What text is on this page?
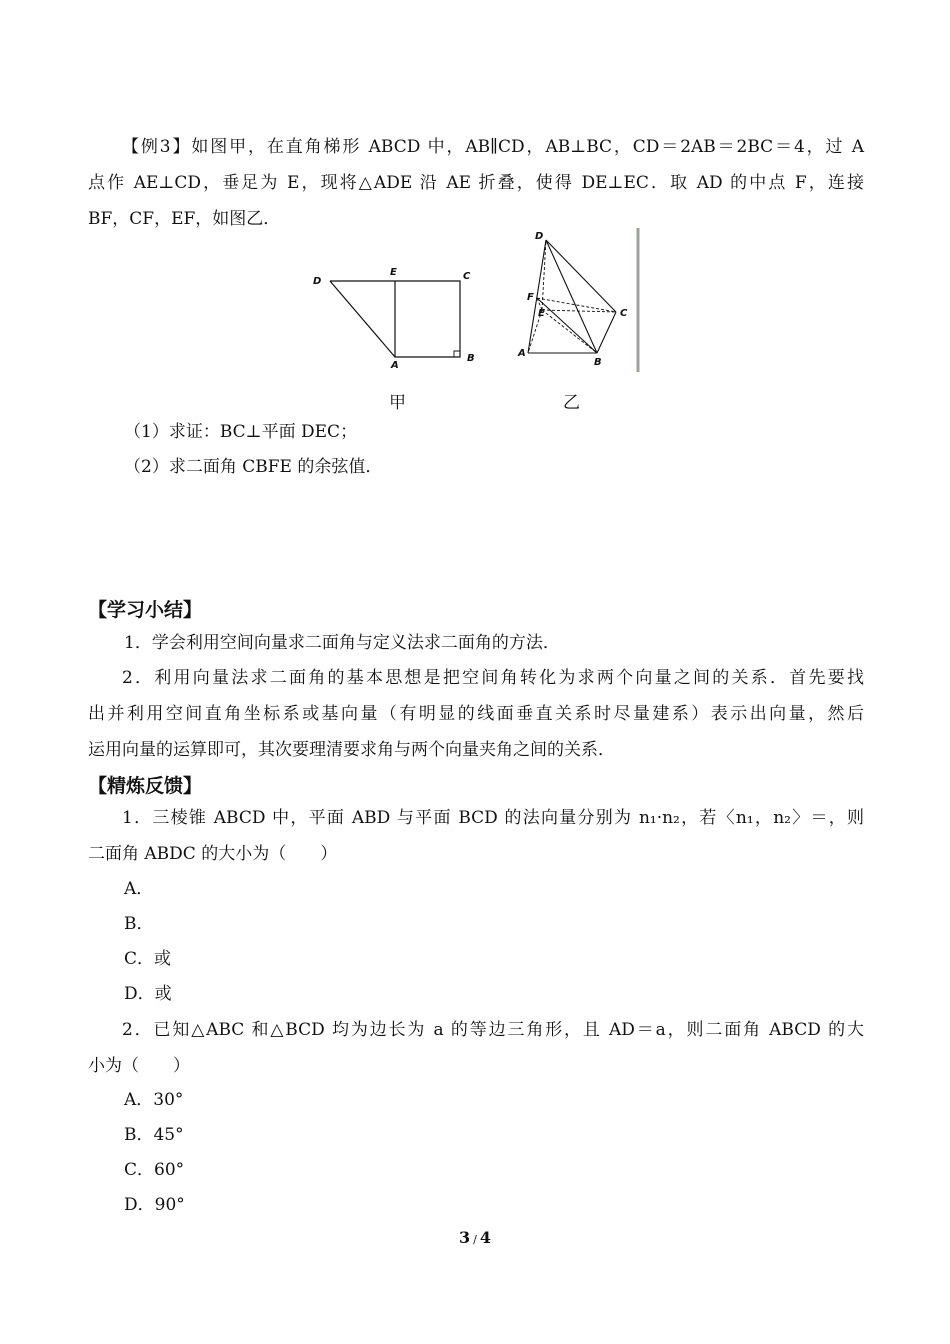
【例3】如图甲，在直角梯形 ABCD 中，AB∥CD，AB⊥BC，CD＝2AB＝2BC＝4，过 A
点作 AE⊥CD，垂足为 E，现将△ADE 沿 AE 折叠，使得 DE⊥EC．取 AD 的中点 F，连接
BF，CF，EF，如图乙．
D
E	C
A
B
甲
D
F
E	C
A
B
乙
（1）求证：BC⊥平面 DEC；
（2）求二面角 CBFE 的余弦值．
【学习小结】
1．学会利用空间向量求二面角与定义法求二面角的方法．
2．利用向量法求二面角的基本思想是把空间角转化为求两个向量之间的关系．首先要找
出并利用空间直角坐标系或基向量（有明显的线面垂直关系时尽量建系）表示出向量，然后
运用向量的运算即可，其次要理清要求角与两个向量夹角之间的关系．
【精炼反馈】
1．三棱锥 ABCD 中，平面 ABD 与平面 BCD 的法向量分别为 n₁·n₂，若〈n₁，n₂〉＝，则
二面角 ABDC 的大小为（　　）
A．
B．
C．或
D．或
2．已知△ABC 和△BCD 均为边长为 a 的等边三角形，且 AD＝a，则二面角 ABCD 的大
小为（　　）
A．30°
B．45°
C．60°
D．90°
3 / 4
